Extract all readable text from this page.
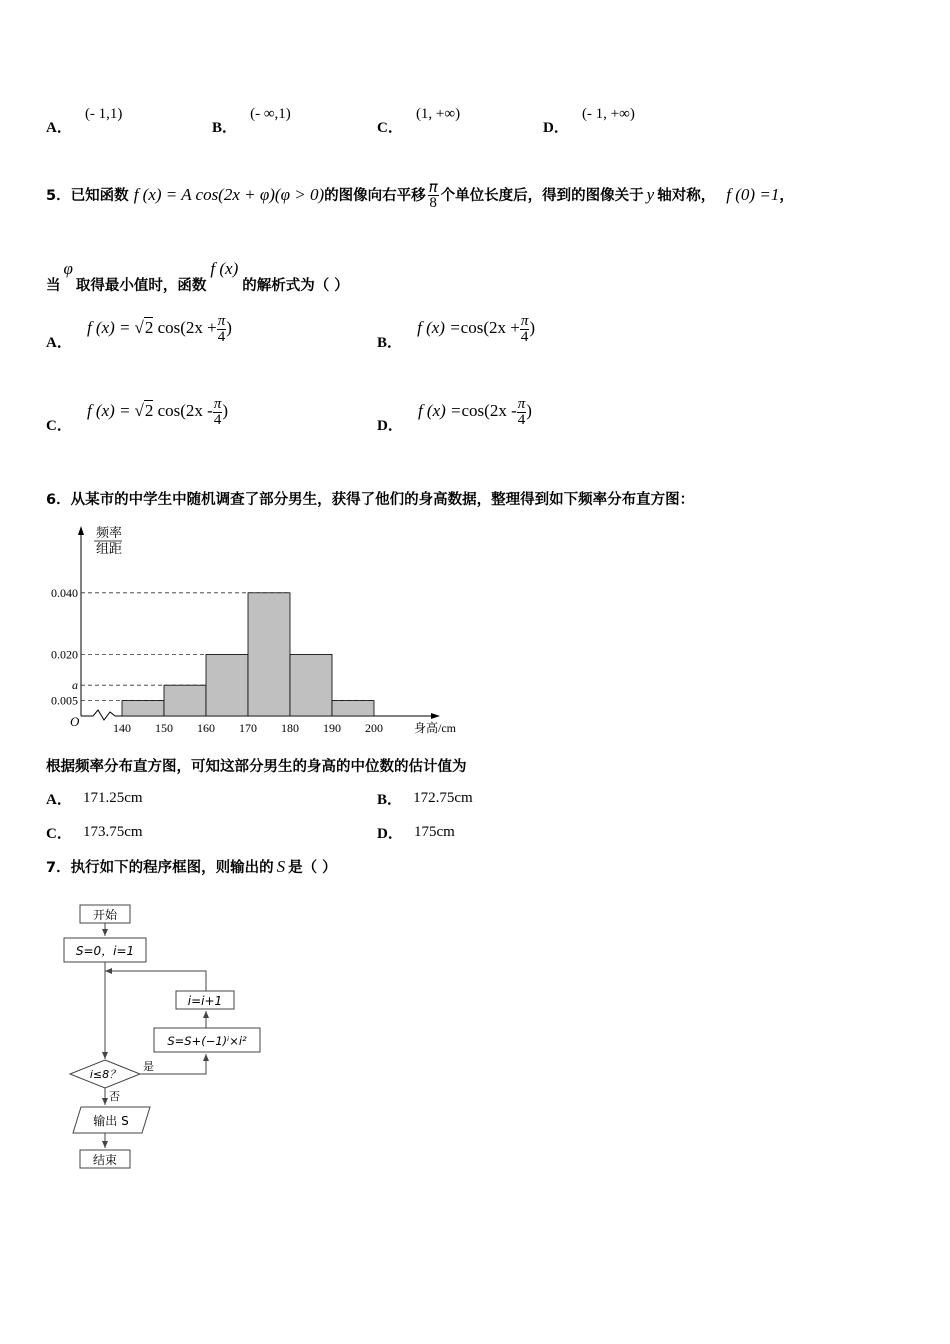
A． (- 1,1)
B． (- ∞,1)
C． (1, +∞)
D． (- 1, +∞)
5．已知函数 f (x) = A cos(2x + φ)(φ > 0)的图像向右平移 $\frac{\pi}{8}$ 个单位长度后，得到的图像关于 y 轴对称， f (0) =1，
当φ取得最小值时，函数f (x)的解析式为（ ）
A． f (x) = √2 $\cos(2x + \frac{\pi}{4}$ )
B． f $(x) =\cos(2x + \frac{\pi}{4}$ )
C． f (x) = √2 $\cos(2x - \frac{\pi}{4}$ )
D． f $(x) =\cos(2x - \frac{\pi}{4}$ )
6．从某市的中学生中随机调查了部分男生，获得了他们的身高数据，整理得到如下频率分布直方图：
频率
组距
O	身高/cm
0.040
0.020
a
0.005
140 150 160 170 180 190 200
根据频率分布直方图，可知这部分男生的身高的中位数的估计值为
A． 171.25cm	B． 172.75cm
C． 173.75cm	D． 175cm
7．执行如下的程序框图，则输出的 S 是（ ）
开始
S=0，i=1
i=i+1
S=S+(−1)ⁱ×i²
i≤8？
是
否
输出 S
结束
